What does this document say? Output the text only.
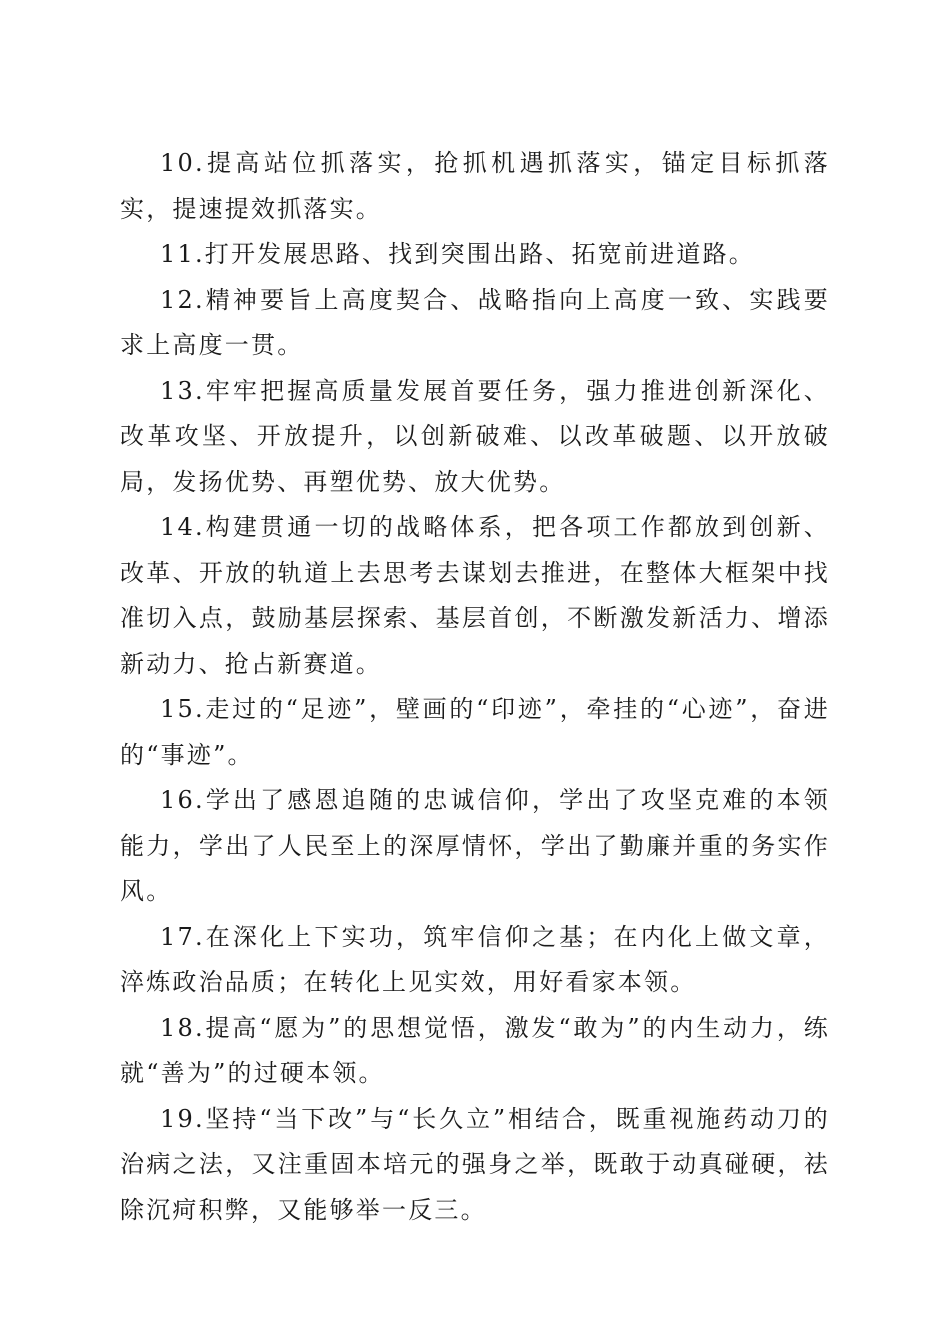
10.提高站位抓落实，抢抓机遇抓落实，锚定目标抓落实，提速提效抓落实。

11.打开发展思路、找到突围出路、拓宽前进道路。

12.精神要旨上高度契合、战略指向上高度一致、实践要求上高度一贯。

13.牢牢把握高质量发展首要任务，强力推进创新深化、改革攻坚、开放提升，以创新破难、以改革破题、以开放破局，发扬优势、再塑优势、放大优势。

14.构建贯通一切的战略体系，把各项工作都放到创新、改革、开放的轨道上去思考去谋划去推进，在整体大框架中找准切入点，鼓励基层探索、基层首创，不断激发新活力、增添新动力、抢占新赛道。

15.走过的“足迹”，壁画的“印迹”，牵挂的“心迹”，奋进的“事迹”。

16.学出了感恩追随的忠诚信仰，学出了攻坚克难的本领能力，学出了人民至上的深厚情怀，学出了勤廉并重的务实作风。

17.在深化上下实功，筑牢信仰之基；在内化上做文章，淬炼政治品质；在转化上见实效，用好看家本领。

18.提高“愿为”的思想觉悟，激发“敢为”的内生动力，练就“善为”的过硬本领。

19.坚持“当下改”与“长久立”相结合，既重视施药动刀的治病之法，又注重固本培元的强身之举，既敢于动真碰硬，祛除沉疴积弊，又能够举一反三。
